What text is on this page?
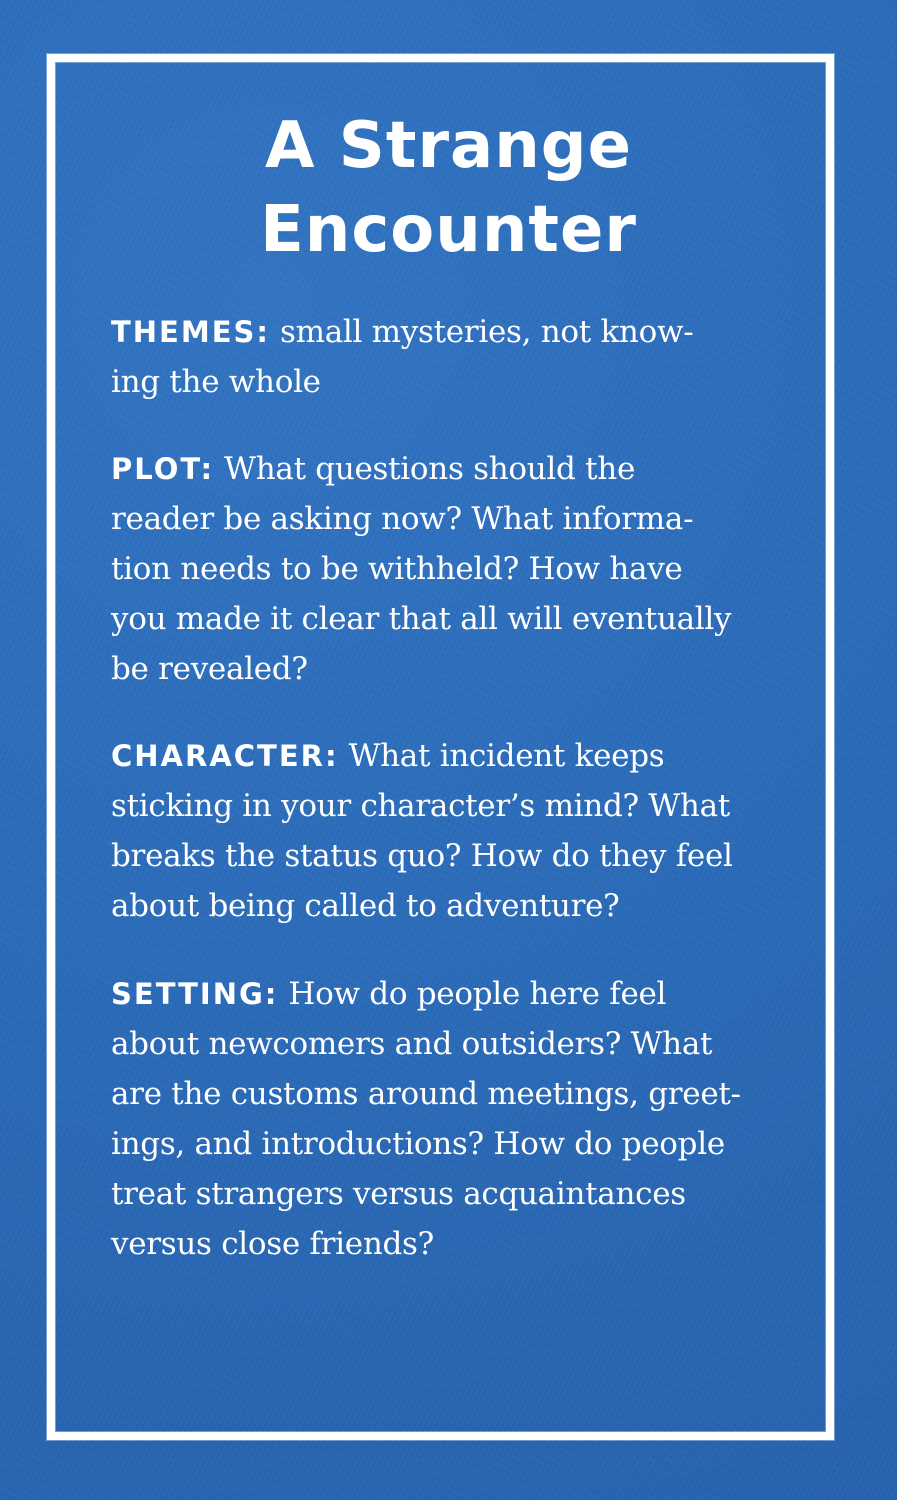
A Strange
Encounter

THEMES: small mysteries, not know-
ing the whole

PLOT: What questions should the
reader be asking now? What informa-
tion needs to be withheld? How have
you made it clear that all will eventually
be revealed?

CHARACTER: What incident keeps
sticking in your character’s mind? What
breaks the status quo? How do they feel
about being called to adventure?

SETTING: How do people here feel
about newcomers and outsiders? What
are the customs around meetings, greet-
ings, and introductions? How do people
treat strangers versus acquaintances
versus close friends?
